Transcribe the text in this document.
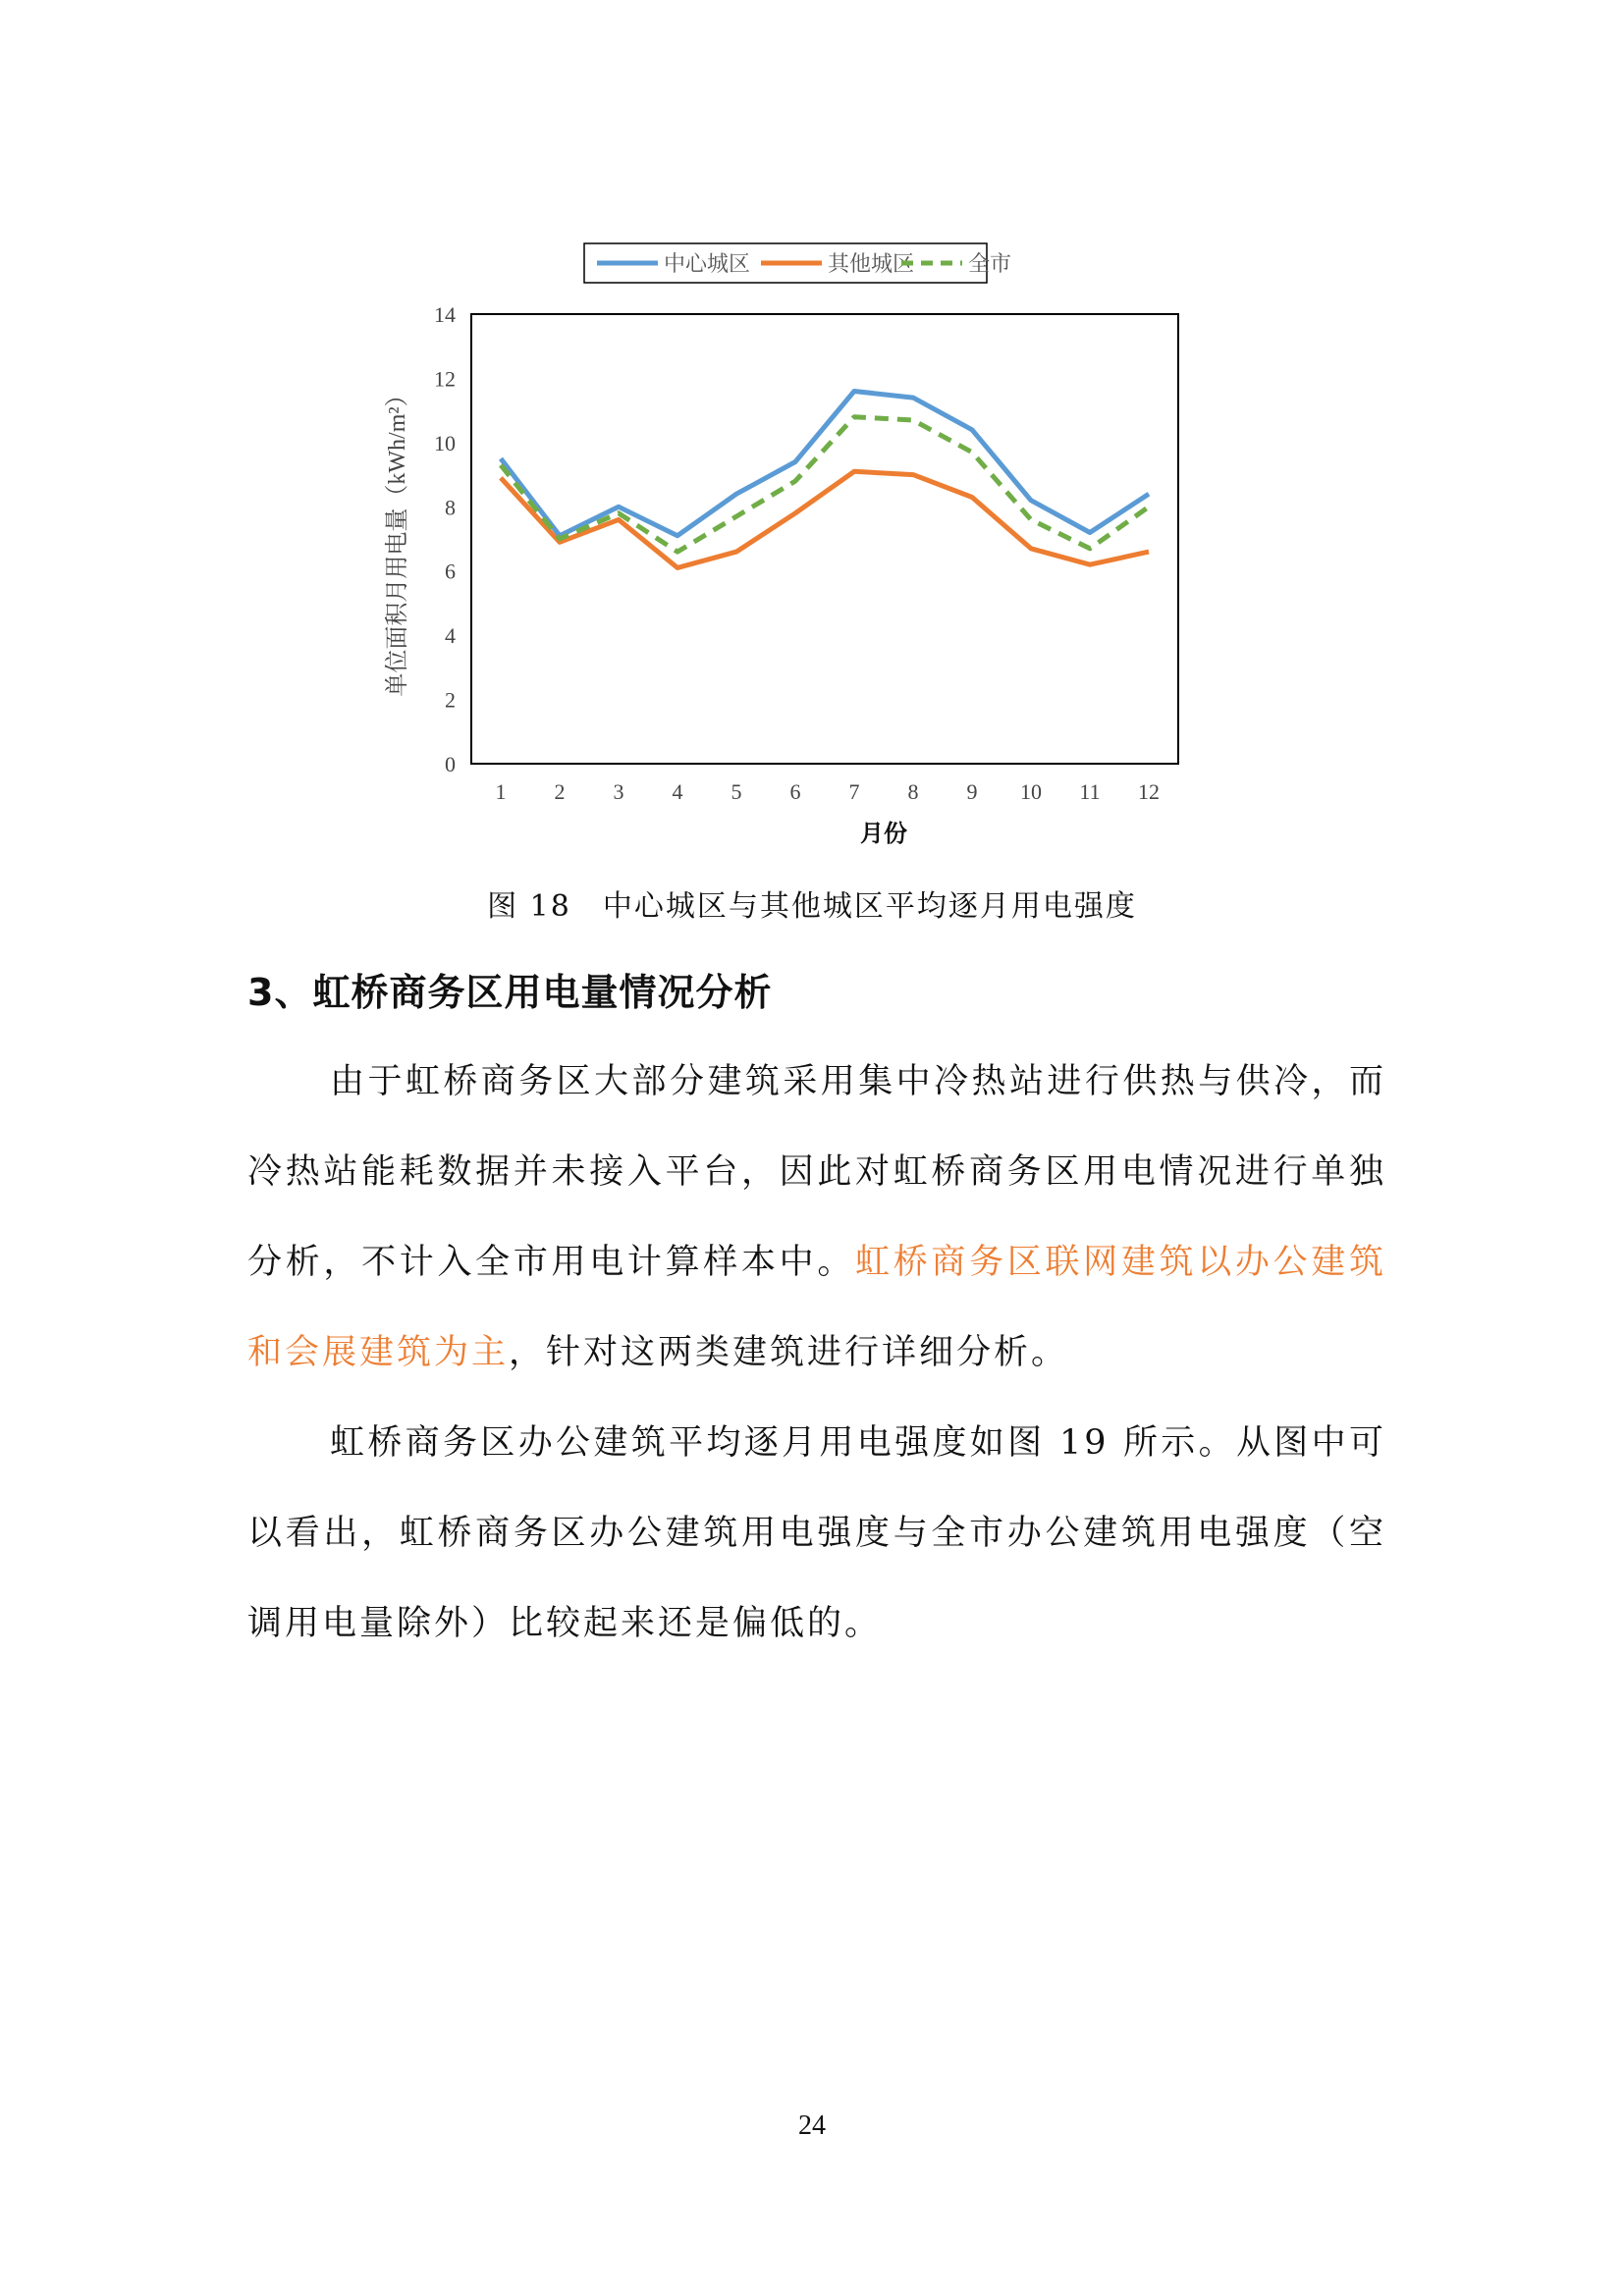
中心城区	其他城区 全市
0
2
4
6
8
10
12
14
1 2 3 4 5 6 7 8 9 10 11 12
单位面积月用电量（kWh/m²）
月份
图 18　中心城区与其他城区平均逐月用电强度
3、虹桥商务区用电量情况分析

由于虹桥商务区大部分建筑采用集中冷热站进行供热与供冷，而冷热站能耗数据并未接入平台，因此对虹桥商务区用电情况进行单独分析，不计入全市用电计算样本中。虹桥商务区联网建筑以办公建筑和会展建筑为主，针对这两类建筑进行详细分析。

虹桥商务区办公建筑平均逐月用电强度如图 19 所示。从图中可以看出，虹桥商务区办公建筑用电强度与全市办公建筑用电强度（空调用电量除外）比较起来还是偏低的。

24
